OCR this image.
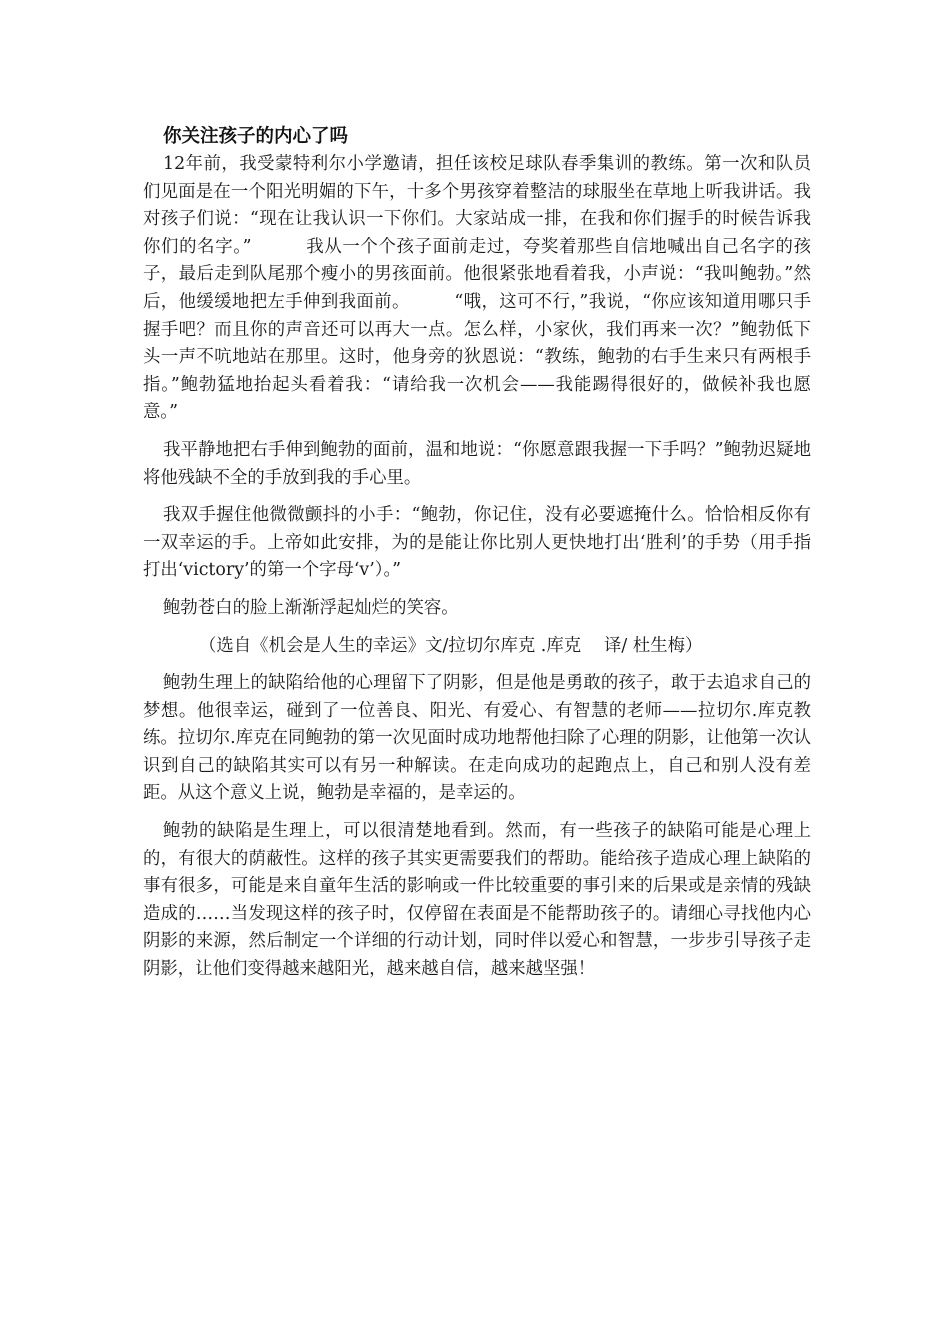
你关注孩子的内心了吗

12年前，我受蒙特利尔小学邀请，担任该校足球队春季集训的教练。第一次和队员们见面是在一个阳光明媚的下午，十多个男孩穿着整洁的球服坐在草地上听我讲话。我对孩子们说：“现在让我认识一下你们。大家站成一排，在我和你们握手的时候告诉我你们的名字。”　　　我从一个个孩子面前走过，夸奖着那些自信地喊出自己名字的孩子，最后走到队尾那个瘦小的男孩面前。他很紧张地看着我，小声说：“我叫鲍勃。”然后，他缓缓地把左手伸到我面前。　　　“哦，这可不行，”我说，“你应该知道用哪只手握手吧？而且你的声音还可以再大一点。怎么样，小家伙，我们再来一次？”鲍勃低下头一声不吭地站在那里。这时，他身旁的狄恩说：“教练，鲍勃的右手生来只有两根手指。”鲍勃猛地抬起头看着我：“请给我一次机会——我能踢得很好的，做候补我也愿意。”

我平静地把右手伸到鲍勃的面前，温和地说：“你愿意跟我握一下手吗？”鲍勃迟疑地将他残缺不全的手放到我的手心里。

我双手握住他微微颤抖的小手：“鲍勃，你记住，没有必要遮掩什么。恰恰相反你有一双幸运的手。上帝如此安排，为的是能让你比别人更快地打出‘胜利’的手势（用手指打出‘victory’的第一个字母‘v’）。”

鲍勃苍白的脸上渐渐浮起灿烂的笑容。

（选自《机会是人生的幸运》文/拉切尔库克 .库克　 译/ 杜生梅）

鲍勃生理上的缺陷给他的心理留下了阴影，但是他是勇敢的孩子，敢于去追求自己的梦想。他很幸运，碰到了一位善良、阳光、有爱心、有智慧的老师——拉切尔.库克教练。拉切尔.库克在同鲍勃的第一次见面时成功地帮他扫除了心理的阴影，让他第一次认识到自己的缺陷其实可以有另一种解读。在走向成功的起跑点上，自己和别人没有差距。从这个意义上说，鲍勃是幸福的，是幸运的。

鲍勃的缺陷是生理上，可以很清楚地看到。然而，有一些孩子的缺陷可能是心理上的，有很大的荫蔽性。这样的孩子其实更需要我们的帮助。能给孩子造成心理上缺陷的事有很多，可能是来自童年生活的影响或一件比较重要的事引来的后果或是亲情的残缺造成的……当发现这样的孩子时，仅停留在表面是不能帮助孩子的。请细心寻找他内心阴影的来源，然后制定一个详细的行动计划，同时伴以爱心和智慧，一步步引导孩子走阴影，让他们变得越来越阳光，越来越自信，越来越坚强！
